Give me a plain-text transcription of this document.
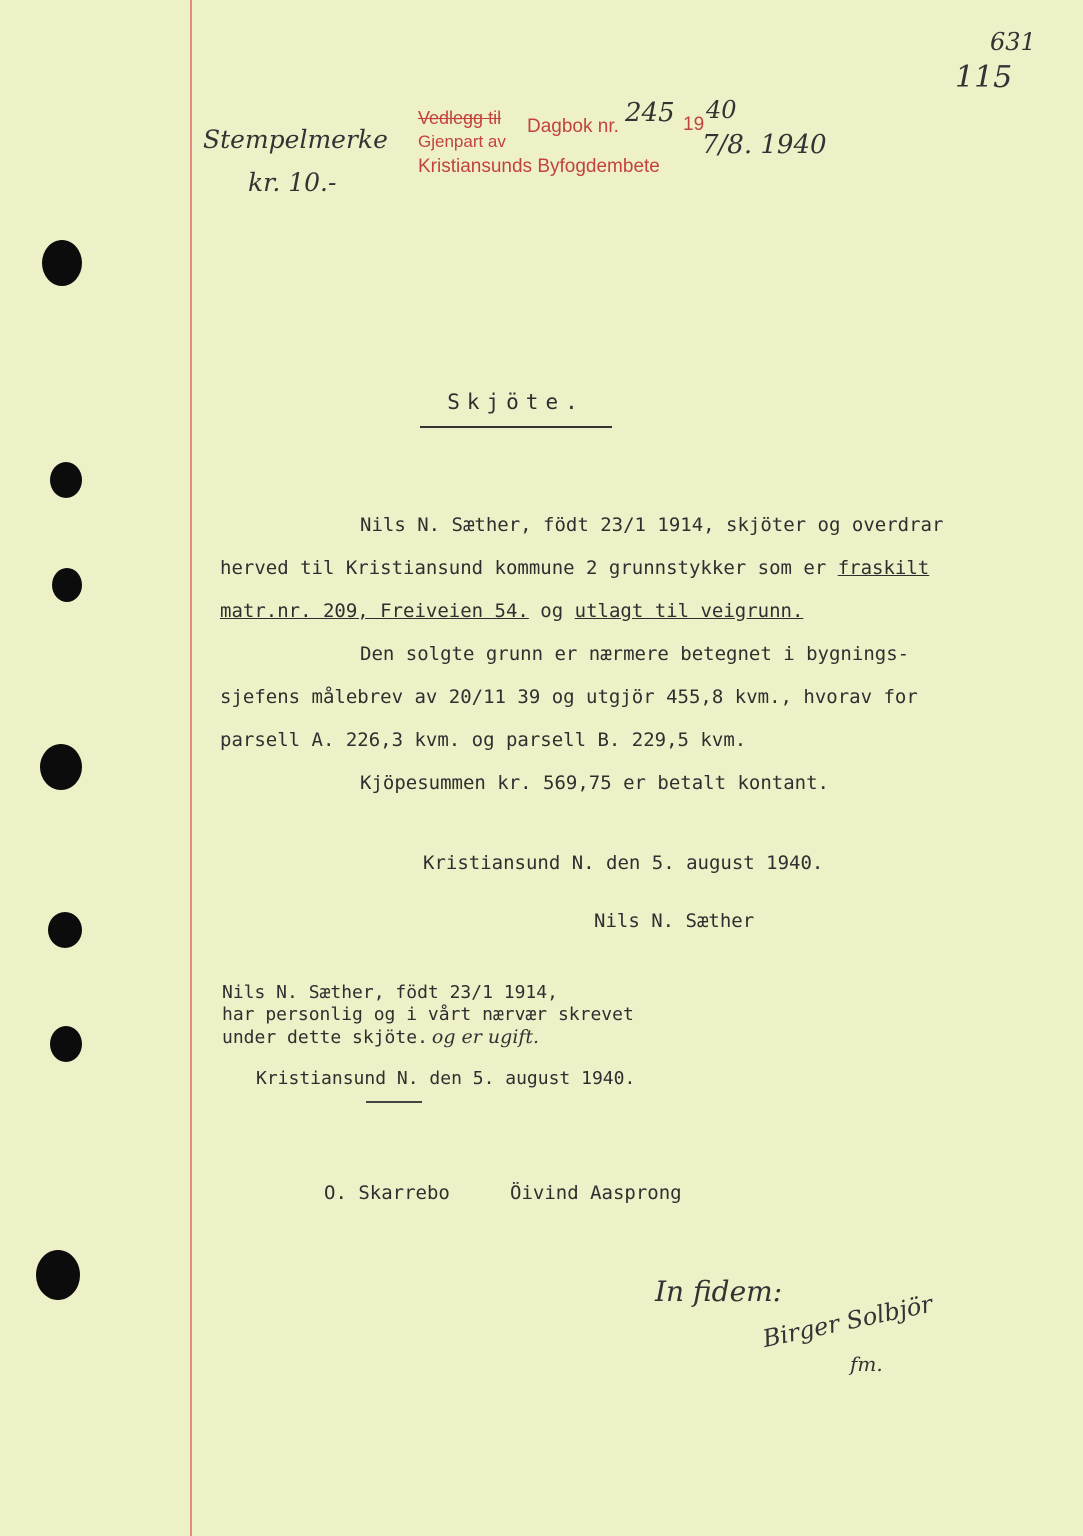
631
115
Stempelmerke
kr. 10.-
Vedlegg til Dagbok nr. 245 19
40
Gjenpart av	7/8. 1940
Kristiansunds Byfogdembete
Skjöte.
Nils N. Sæther, födt 23/1 1914, skjöter og overdrar
herved til Kristiansund kommune 2 grunnstykker som er fraskilt
matr.nr. 209, Freiveien 54. og utlagt til veigrunn.
Den solgte grunn er nærmere betegnet i bygnings-
sjefens målebrev av 20/11 39 og utgjör 455,8 kvm., hvorav for
parsell A. 226,3 kvm. og parsell B. 229,5 kvm.
Kjöpesummen kr. 569,75 er betalt kontant.
Kristiansund N. den 5. august 1940.
Nils N. Sæther
Nils N. Sæther, födt 23/1 1914,
har personlig og i vårt nærvær skrevet
under dette skjöte. og er ugift.
Kristiansund N. den 5. august 1940.
O. Skarrebo	Öivind Aasprong
In fidem:
Birger Solbjör
fm.
